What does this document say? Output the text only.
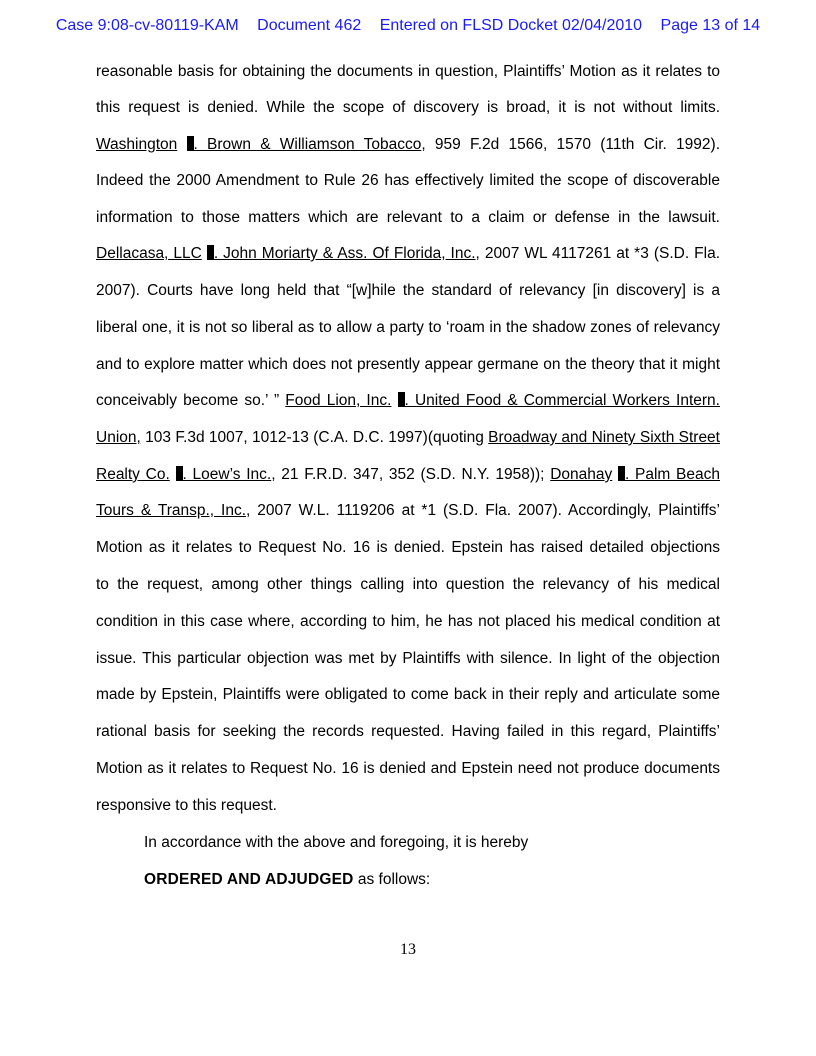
Case 9:08-cv-80119-KAM Document 462 Entered on FLSD Docket 02/04/2010 Page 13 of 14
reasonable basis for obtaining the documents in question, Plaintiffs’ Motion as it relates to
this request is denied. While the scope of discovery is broad, it is not without limits.
Washington . Brown & Williamson Tobacco, 959 F.2d 1566, 1570 (11th Cir. 1992).
Indeed the 2000 Amendment to Rule 26 has effectively limited the scope of discoverable
information to those matters which are relevant to a claim or defense in the lawsuit.
Dellacasa, LLC . John Moriarty & Ass. Of Florida, Inc., 2007 WL 4117261 at *3 (S.D. Fla.
2007). Courts have long held that “[w]hile the standard of relevancy [in discovery] is a
liberal one, it is not so liberal as to allow a party to ‘roam in the shadow zones of relevancy
and to explore matter which does not presently appear germane on the theory that it might
conceivably become so.’ ” Food Lion, Inc. . United Food & Commercial Workers Intern.
Union, 103 F.3d 1007, 1012-13 (C.A. D.C. 1997)(quoting Broadway and Ninety Sixth Street
Realty Co. . Loew’s Inc., 21 F.R.D. 347, 352 (S.D. N.Y. 1958)); Donahay . Palm Beach
Tours & Transp., Inc., 2007 W.L. 1119206 at *1 (S.D. Fla. 2007). Accordingly, Plaintiffs’
Motion as it relates to Request No. 16 is denied. Epstein has raised detailed objections
to the request, among other things calling into question the relevancy of his medical
condition in this case where, according to him, he has not placed his medical condition at
issue. This particular objection was met by Plaintiffs with silence. In light of the objection
made by Epstein, Plaintiffs were obligated to come back in their reply and articulate some
rational basis for seeking the records requested. Having failed in this regard, Plaintiffs’
Motion as it relates to Request No. 16 is denied and Epstein need not produce documents
responsive to this request.
In accordance with the above and foregoing, it is hereby
ORDERED AND ADJUDGED as follows:
13
